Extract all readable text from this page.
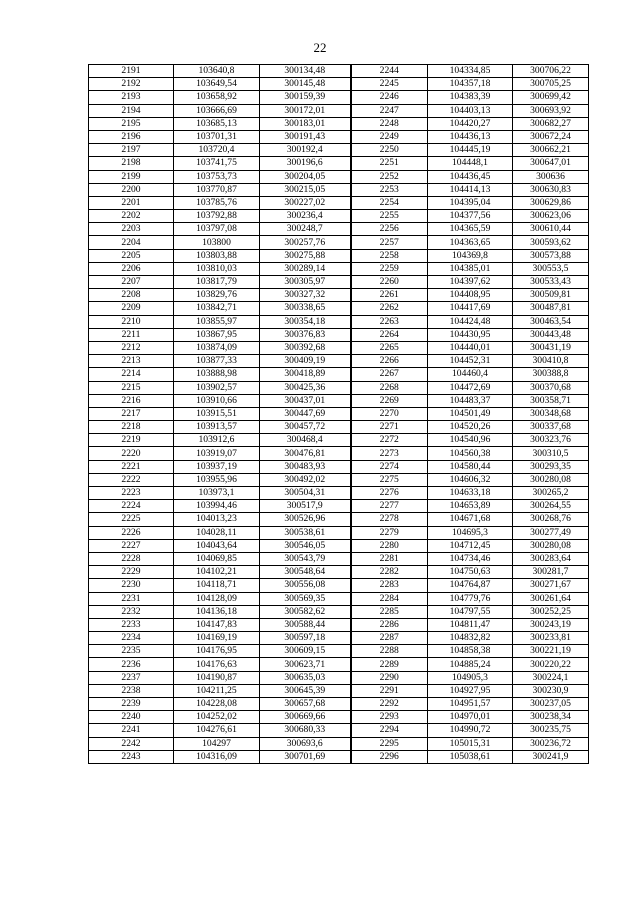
22
2191	103640,8	300134,48	2244	104334,85	300706,22
2192	103649,54	300145,48	2245	104357,18	300705,25
2193	103658,92	300159,39	2246	104383,39	300699,42
2194	103666,69	300172,01	2247	104403,13	300693,92
2195	103685,13	300183,01	2248	104420,27	300682,27
2196	103701,31	300191,43	2249	104436,13	300672,24
2197	103720,4	300192,4	2250	104445,19	300662,21
2198	103741,75	300196,6	2251	104448,1	300647,01
2199	103753,73	300204,05	2252	104436,45	300636
2200	103770,87	300215,05	2253	104414,13	300630,83
2201	103785,76	300227,02	2254	104395,04	300629,86
2202	103792,88	300236,4	2255	104377,56	300623,06
2203	103797,08	300248,7	2256	104365,59	300610,44
2204	103800	300257,76	2257	104363,65	300593,62
2205	103803,88	300275,88	2258	104369,8	300573,88
2206	103810,03	300289,14	2259	104385,01	300553,5
2207	103817,79	300305,97	2260	104397,62	300533,43
2208	103829,76	300327,32	2261	104408,95	300509,81
2209	103842,71	300338,65	2262	104417,69	300487,81
2210	103855,97	300354,18	2263	104424,48	300463,54
2211	103867,95	300376,83	2264	104430,95	300443,48
2212	103874,09	300392,68	2265	104440,01	300431,19
2213	103877,33	300409,19	2266	104452,31	300410,8
2214	103888,98	300418,89	2267	104460,4	300388,8
2215	103902,57	300425,36	2268	104472,69	300370,68
2216	103910,66	300437,01	2269	104483,37	300358,71
2217	103915,51	300447,69	2270	104501,49	300348,68
2218	103913,57	300457,72	2271	104520,26	300337,68
2219	103912,6	300468,4	2272	104540,96	300323,76
2220	103919,07	300476,81	2273	104560,38	300310,5
2221	103937,19	300483,93	2274	104580,44	300293,35
2222	103955,96	300492,02	2275	104606,32	300280,08
2223	103973,1	300504,31	2276	104633,18	300265,2
2224	103994,46	300517,9	2277	104653,89	300264,55
2225	104013,23	300526,96	2278	104671,68	300268,76
2226	104028,11	300538,61	2279	104695,3	300277,49
2227	104043,64	300546,05	2280	104712,45	300280,08
2228	104069,85	300543,79	2281	104734,46	300283,64
2229	104102,21	300548,64	2282	104750,63	300281,7
2230	104118,71	300556,08	2283	104764,87	300271,67
2231	104128,09	300569,35	2284	104779,76	300261,64
2232	104136,18	300582,62	2285	104797,55	300252,25
2233	104147,83	300588,44	2286	104811,47	300243,19
2234	104169,19	300597,18	2287	104832,82	300233,81
2235	104176,95	300609,15	2288	104858,38	300221,19
2236	104176,63	300623,71	2289	104885,24	300220,22
2237	104190,87	300635,03	2290	104905,3	300224,1
2238	104211,25	300645,39	2291	104927,95	300230,9
2239	104228,08	300657,68	2292	104951,57	300237,05
2240	104252,02	300669,66	2293	104970,01	300238,34
2241	104276,61	300680,33	2294	104990,72	300235,75
2242	104297	300693,6	2295	105015,31	300236,72
2243	104316,09	300701,69	2296	105038,61	300241,9
